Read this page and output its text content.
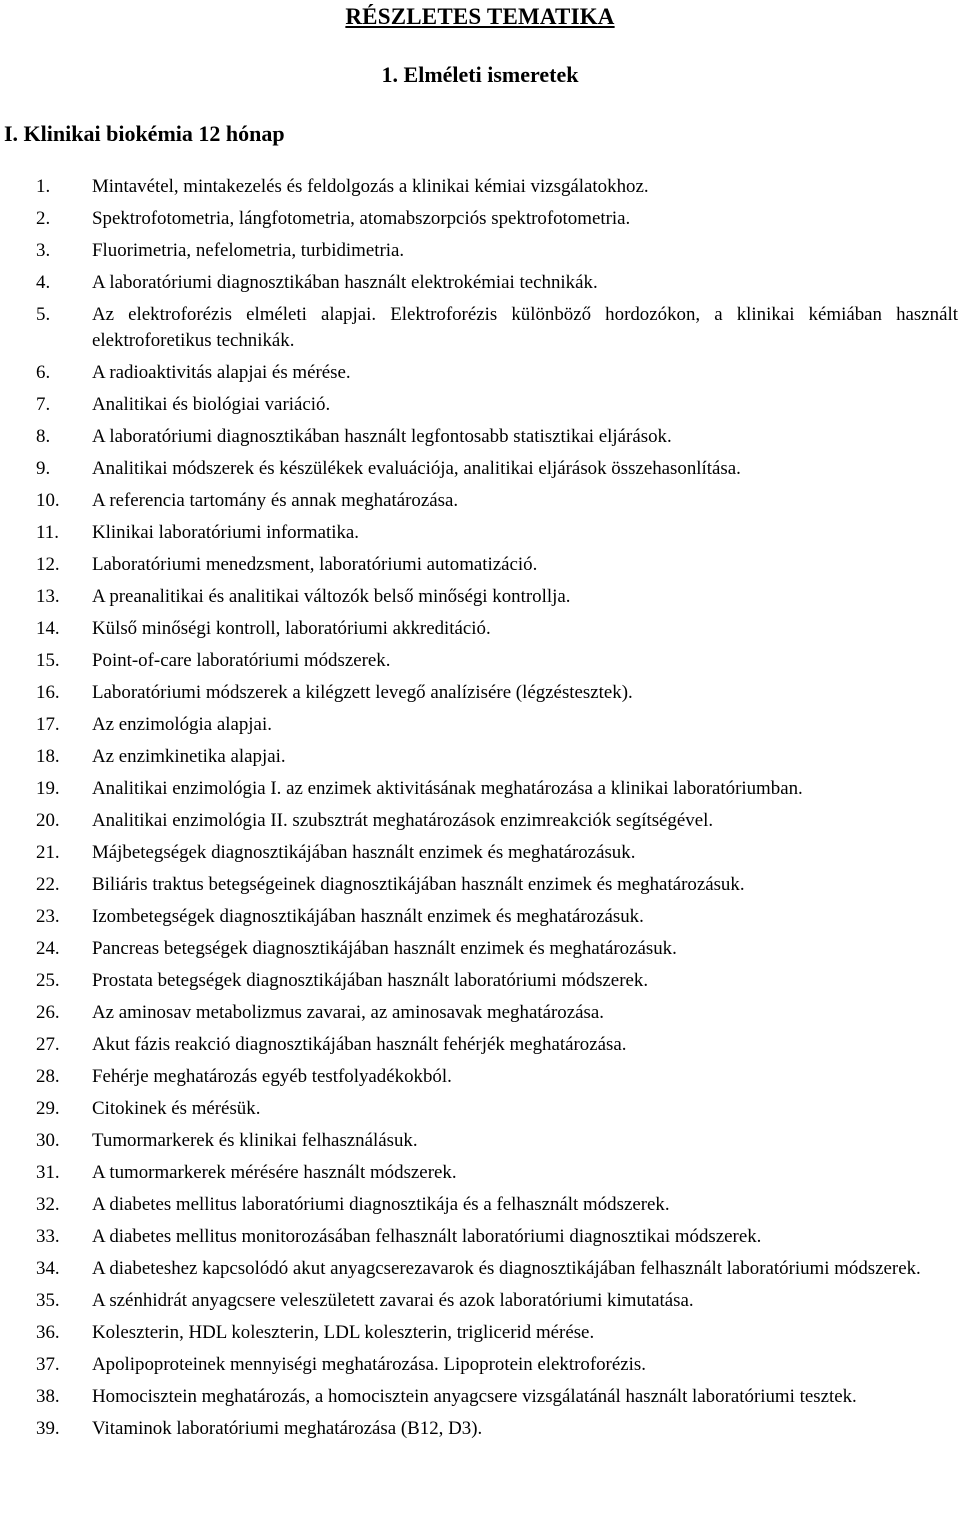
RÉSZLETES TEMATIKA
1. Elméleti ismeretek
I. Klinikai biokémia 12 hónap
1.	Mintavétel, mintakezelés és feldolgozás a klinikai kémiai vizsgálatokhoz.
2.	Spektrofotometria, lángfotometria, atomabszorpciós spektrofotometria.
3.	Fluorimetria, nefelometria, turbidimetria.
4.	A laboratóriumi diagnosztikában használt elektrokémiai technikák.
5.	Az elektroforézis elméleti alapjai. Elektroforézis különböző hordozókon, a klinikai kémiában használt elektroforetikus technikák.
6.	A radioaktivitás alapjai és mérése.
7.	Analitikai és biológiai variáció.
8.	A laboratóriumi diagnosztikában használt legfontosabb statisztikai eljárások.
9.	Analitikai módszerek és készülékek evaluációja, analitikai eljárások összehasonlítása.
10.	A referencia tartomány és annak meghatározása.
11.	Klinikai laboratóriumi informatika.
12.	Laboratóriumi menedzsment, laboratóriumi automatizáció.
13.	A preanalitikai és analitikai változók belső minőségi kontrollja.
14.	Külső minőségi kontroll, laboratóriumi akkreditáció.
15.	Point-of-care laboratóriumi módszerek.
16.	Laboratóriumi módszerek a kilégzett levegő analízisére (légzéstesztek).
17.	Az enzimológia alapjai.
18.	Az enzimkinetika alapjai.
19.	Analitikai enzimológia I. az enzimek aktivitásának meghatározása a klinikai laboratóriumban.
20.	Analitikai enzimológia II. szubsztrát meghatározások enzimreakciók segítségével.
21.	Májbetegségek diagnosztikájában használt enzimek és meghatározásuk.
22.	Biliáris traktus betegségeinek diagnosztikájában használt enzimek és meghatározásuk.
23.	Izombetegségek diagnosztikájában használt enzimek és meghatározásuk.
24.	Pancreas betegségek diagnosztikájában használt enzimek és meghatározásuk.
25.	Prostata betegségek diagnosztikájában használt laboratóriumi módszerek.
26.	Az aminosav metabolizmus zavarai, az aminosavak meghatározása.
27.	Akut fázis reakció diagnosztikájában használt fehérjék meghatározása.
28.	Fehérje meghatározás egyéb testfolyadékokból.
29.	Citokinek és mérésük.
30.	Tumormarkerek és klinikai felhasználásuk.
31.	A tumormarkerek mérésére használt módszerek.
32.	A diabetes mellitus laboratóriumi diagnosztikája és a felhasznált módszerek.
33.	A diabetes mellitus monitorozásában felhasznált laboratóriumi diagnosztikai módszerek.
34.	A diabeteshez kapcsolódó akut anyagcserezavarok és diagnosztikájában felhasznált laboratóriumi módszerek.
35.	A szénhidrát anyagcsere veleszületett zavarai és azok laboratóriumi kimutatása.
36.	Koleszterin, HDL koleszterin, LDL koleszterin, triglicerid mérése.
37.	Apolipoproteinek mennyiségi meghatározása. Lipoprotein elektroforézis.
38.	Homocisztein meghatározás, a homocisztein anyagcsere vizsgálatánál használt laboratóriumi tesztek.
39.	Vitaminok laboratóriumi meghatározása (B12, D3).
